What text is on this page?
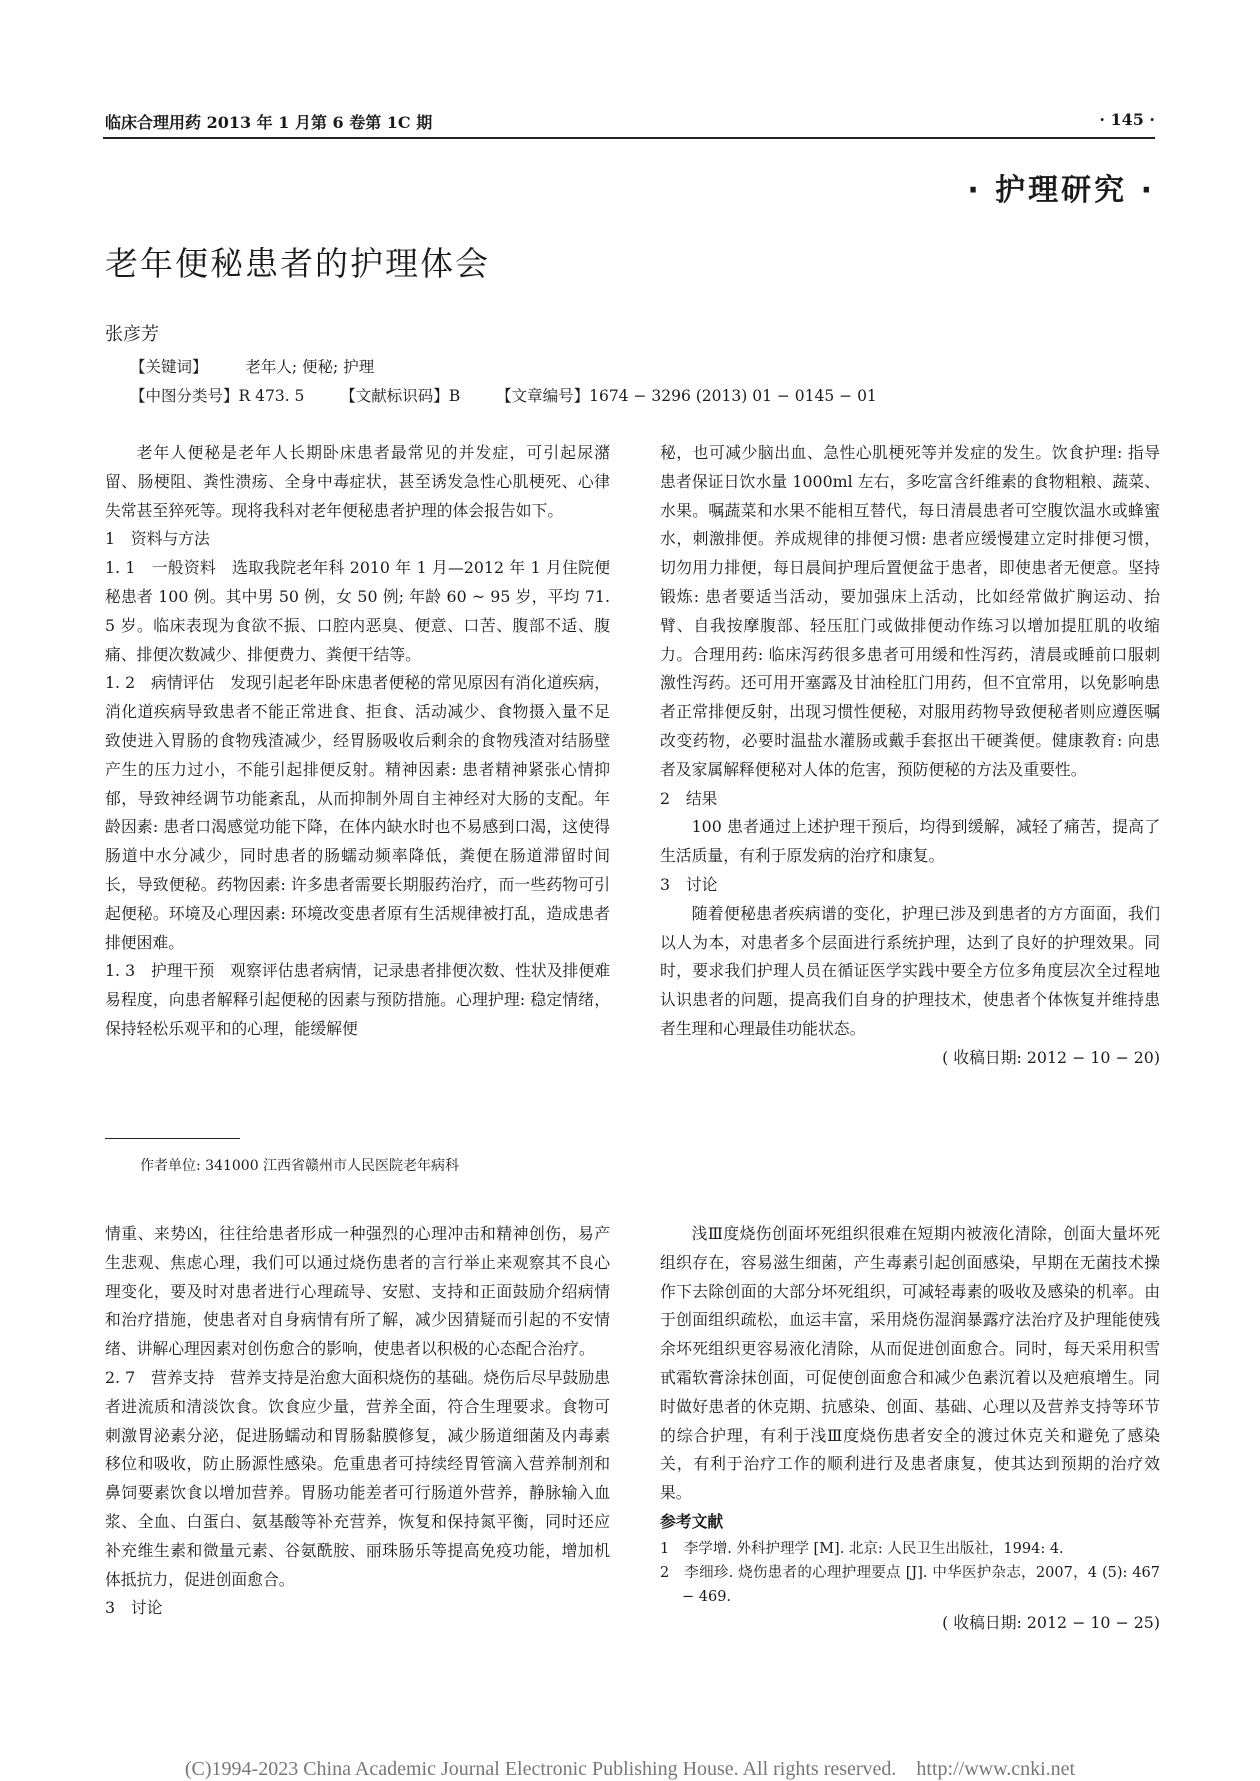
临床合理用药 2013 年 1 月第 6 卷第 1C 期	· 145 ·
· 护理研究 ·
老年便秘患者的护理体会
张彦芳
【关键词】 老年人; 便秘; 护理
【中图分类号】R 473. 5 【文献标识码】B 【文章编号】1674 − 3296 (2013) 01 − 0145 − 01

老年人便秘是老年人长期卧床患者最常见的并发症，可引起尿潴留、肠梗阻、粪性溃疡、全身中毒症状，甚至诱发急性心肌梗死、心律失常甚至猝死等。现将我科对老年便秘患者护理的体会报告如下。

1　资料与方法

1. 1　一般资料　选取我院老年科 2010 年 1 月—2012 年 1 月住院便秘患者 100 例。其中男 50 例，女 50 例; 年龄 60 ~ 95 岁，平均 71. 5 岁。临床表现为食欲不振、口腔内恶臭、便意、口苦、腹部不适、腹痛、排便次数减少、排便费力、粪便干结等。

1. 2　病情评估　发现引起老年卧床患者便秘的常见原因有消化道疾病，消化道疾病导致患者不能正常进食、拒食、活动减少、食物摄入量不足致使进入胃肠的食物残渣减少，经胃肠吸收后剩余的食物残渣对结肠壁产生的压力过小，不能引起排便反射。精神因素: 患者精神紧张心情抑郁，导致神经调节功能紊乱，从而抑制外周自主神经对大肠的支配。年龄因素: 患者口渴感觉功能下降，在体内缺水时也不易感到口渴，这使得肠道中水分减少，同时患者的肠蠕动频率降低，粪便在肠道滞留时间长，导致便秘。药物因素: 许多患者需要长期服药治疗，而一些药物可引起便秘。环境及心理因素: 环境改变患者原有生活规律被打乱，造成患者排便困难。

1. 3　护理干预　观察评估患者病情，记录患者排便次数、性状及排便难易程度，向患者解释引起便秘的因素与预防措施。心理护理: 稳定情绪，保持轻松乐观平和的心理，能缓解便

秘，也可减少脑出血、急性心肌梗死等并发症的发生。饮食护理: 指导患者保证日饮水量 1000ml 左右，多吃富含纤维素的食物粗粮、蔬菜、水果。嘱蔬菜和水果不能相互替代，每日清晨患者可空腹饮温水或蜂蜜水，刺激排便。养成规律的排便习惯: 患者应缓慢建立定时排便习惯，切勿用力排便，每日晨间护理后置便盆于患者，即使患者无便意。坚持锻炼: 患者要适当活动，要加强床上活动，比如经常做扩胸运动、抬臂、自我按摩腹部、轻压肛门或做排便动作练习以增加提肛肌的收缩力。合理用药: 临床泻药很多患者可用缓和性泻药，清晨或睡前口服刺激性泻药。还可用开塞露及甘油栓肛门用药，但不宜常用，以免影响患者正常排便反射，出现习惯性便秘，对服用药物导致便秘者则应遵医嘱改变药物，必要时温盐水灌肠或戴手套抠出干硬粪便。健康教育: 向患者及家属解释便秘对人体的危害，预防便秘的方法及重要性。

2　结果

100 患者通过上述护理干预后，均得到缓解，减轻了痛苦，提高了生活质量，有利于原发病的治疗和康复。

3　讨论

随着便秘患者疾病谱的变化，护理已涉及到患者的方方面面，我们以人为本，对患者多个层面进行系统护理，达到了良好的护理效果。同时，要求我们护理人员在循证医学实践中要全方位多角度层次全过程地认识患者的问题，提高我们自身的护理技术，使患者个体恢复并维持患者生理和心理最佳功能状态。

( 收稿日期: 2012 − 10 − 20)

作者单位: 341000 江西省赣州市人民医院老年病科

情重、来势凶，往往给患者形成一种强烈的心理冲击和精神创伤，易产生悲观、焦虑心理，我们可以通过烧伤患者的言行举止来观察其不良心理变化，要及时对患者进行心理疏导、安慰、支持和正面鼓励介绍病情和治疗措施，使患者对自身病情有所了解，减少因猜疑而引起的不安情绪、讲解心理因素对创伤愈合的影响，使患者以积极的心态配合治疗。

2. 7　营养支持　营养支持是治愈大面积烧伤的基础。烧伤后尽早鼓励患者进流质和清淡饮食。饮食应少量，营养全面，符合生理要求。食物可刺激胃泌素分泌，促进肠蠕动和胃肠黏膜修复，减少肠道细菌及内毒素移位和吸收，防止肠源性感染。危重患者可持续经胃管滴入营养制剂和鼻饲要素饮食以增加营养。胃肠功能差者可行肠道外营养，静脉输入血浆、全血、白蛋白、氨基酸等补充营养，恢复和保持氮平衡，同时还应补充维生素和微量元素、谷氨酰胺、丽珠肠乐等提高免疫功能，增加机体抵抗力，促进创面愈合。

3　讨论

浅Ⅲ度烧伤创面坏死组织很难在短期内被液化清除，创面大量坏死组织存在，容易滋生细菌，产生毒素引起创面感染，早期在无菌技术操作下去除创面的大部分坏死组织，可减轻毒素的吸收及感染的机率。由于创面组织疏松，血运丰富，采用烧伤湿润暴露疗法治疗及护理能使残余坏死组织更容易液化清除，从而促进创面愈合。同时，每天采用积雪甙霜软膏涂抹创面，可促使创面愈合和减少色素沉着以及疤痕增生。同时做好患者的休克期、抗感染、创面、基础、心理以及营养支持等环节的综合护理，有利于浅Ⅲ度烧伤患者安全的渡过休克关和避免了感染关，有利于治疗工作的顺利进行及患者康复，使其达到预期的治疗效果。

参考文献

1　李学增. 外科护理学 [M]. 北京: 人民卫生出版社，1994: 4.
2　李细珍. 烧伤患者的心理护理要点 [J]. 中华医护杂志，2007，4 (5): 467 − 469.

( 收稿日期: 2012 − 10 − 25)

(C)1994-2023 China Academic Journal Electronic Publishing House. All rights reserved.　http://www.cnki.net
